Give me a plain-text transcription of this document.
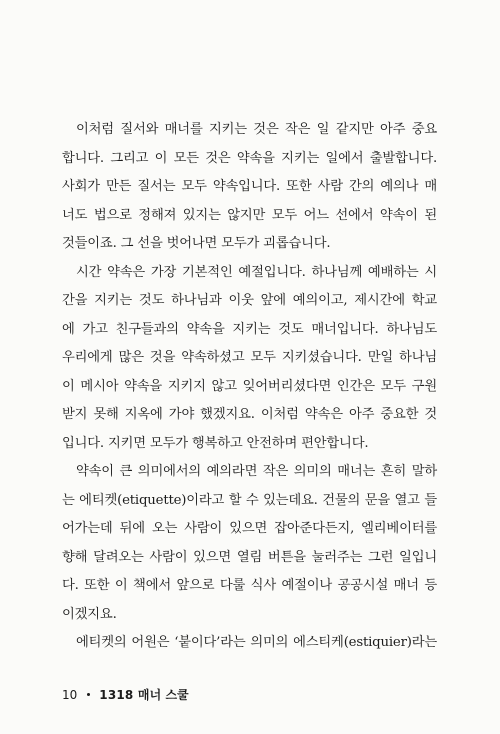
이처럼 질서와 매너를 지키는 것은 작은 일 같지만 아주 중요
합니다. 그리고 이 모든 것은 약속을 지키는 일에서 출발합니다.
사회가 만든 질서는 모두 약속입니다. 또한 사람 간의 예의나 매
너도 법으로 정해져 있지는 않지만 모두 어느 선에서 약속이 된
것들이죠. 그 선을 벗어나면 모두가 괴롭습니다.
시간 약속은 가장 기본적인 예절입니다. 하나님께 예배하는 시
간을 지키는 것도 하나님과 이웃 앞에 예의이고, 제시간에 학교
에 가고 친구들과의 약속을 지키는 것도 매너입니다. 하나님도
우리에게 많은 것을 약속하셨고 모두 지키셨습니다. 만일 하나님
이 메시아 약속을 지키지 않고 잊어버리셨다면 인간은 모두 구원
받지 못해 지옥에 가야 했겠지요. 이처럼 약속은 아주 중요한 것
입니다. 지키면 모두가 행복하고 안전하며 편안합니다.
약속이 큰 의미에서의 예의라면 작은 의미의 매너는 흔히 말하
는 에티켓(etiquette)이라고 할 수 있는데요. 건물의 문을 열고 들
어가는데 뒤에 오는 사람이 있으면 잡아준다든지, 엘리베이터를
향해 달려오는 사람이 있으면 열림 버튼을 눌러주는 그런 일입니
다. 또한 이 책에서 앞으로 다룰 식사 예절이나 공공시설 매너 등
이겠지요.
에티켓의 어원은 ‘붙이다’라는 의미의 에스티케(estiquier)라는
10 1318 매너 스쿨
